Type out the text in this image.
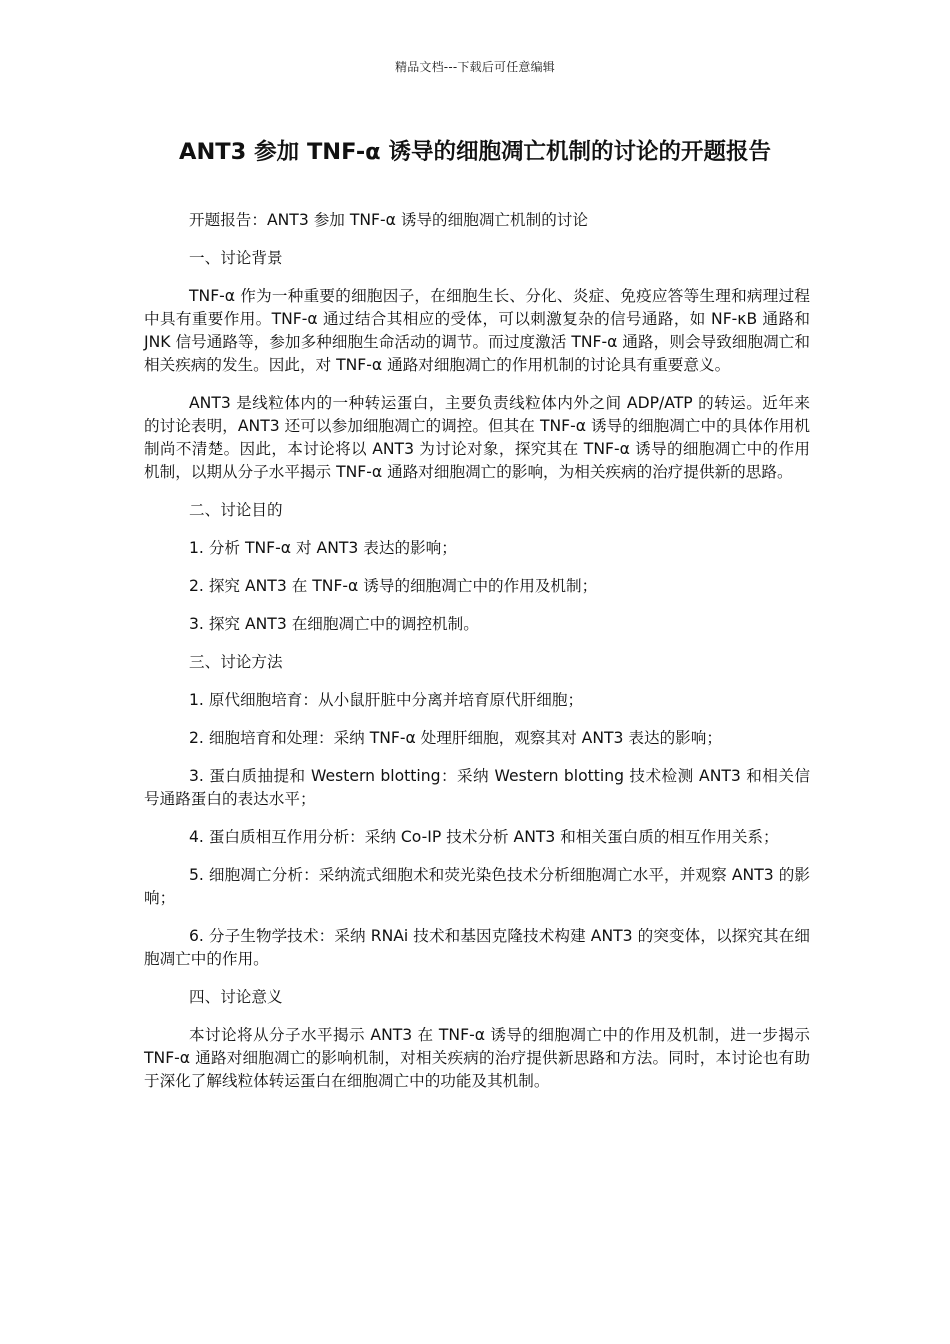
精品文档---下载后可任意编辑
ANT3 参加 TNF-α 诱导的细胞凋亡机制的讨论的开题报告

开题报告：ANT3 参加 TNF-α 诱导的细胞凋亡机制的讨论

一、讨论背景

TNF-α 作为一种重要的细胞因子，在细胞生长、分化、炎症、免疫应答等生理和病理过程中具有重要作用。TNF-α 通过结合其相应的受体，可以刺激复杂的信号通路，如 NF-κB 通路和 JNK 信号通路等，参加多种细胞生命活动的调节。而过度激活 TNF-α 通路，则会导致细胞凋亡和相关疾病的发生。因此，对 TNF-α 通路对细胞凋亡的作用机制的讨论具有重要意义。

ANT3 是线粒体内的一种转运蛋白，主要负责线粒体内外之间 ADP/ATP 的转运。近年来的讨论表明，ANT3 还可以参加细胞凋亡的调控。但其在 TNF-α 诱导的细胞凋亡中的具体作用机制尚不清楚。因此，本讨论将以 ANT3 为讨论对象，探究其在 TNF-α 诱导的细胞凋亡中的作用机制，以期从分子水平揭示 TNF-α 通路对细胞凋亡的影响，为相关疾病的治疗提供新的思路。

二、讨论目的

1. 分析 TNF-α 对 ANT3 表达的影响；

2. 探究 ANT3 在 TNF-α 诱导的细胞凋亡中的作用及机制；

3. 探究 ANT3 在细胞凋亡中的调控机制。

三、讨论方法

1. 原代细胞培育：从小鼠肝脏中分离并培育原代肝细胞；

2. 细胞培育和处理：采纳 TNF-α 处理肝细胞，观察其对 ANT3 表达的影响；

3. 蛋白质抽提和 Western blotting：采纳 Western blotting 技术检测 ANT3 和相关信号通路蛋白的表达水平；

4. 蛋白质相互作用分析：采纳 Co-IP 技术分析 ANT3 和相关蛋白质的相互作用关系；

5. 细胞凋亡分析：采纳流式细胞术和荧光染色技术分析细胞凋亡水平，并观察 ANT3 的影响；

6. 分子生物学技术：采纳 RNAi 技术和基因克隆技术构建 ANT3 的突变体，以探究其在细胞凋亡中的作用。

四、讨论意义

本讨论将从分子水平揭示 ANT3 在 TNF-α 诱导的细胞凋亡中的作用及机制，进一步揭示 TNF-α 通路对细胞凋亡的影响机制，对相关疾病的治疗提供新思路和方法。同时，本讨论也有助于深化了解线粒体转运蛋白在细胞凋亡中的功能及其机制。
